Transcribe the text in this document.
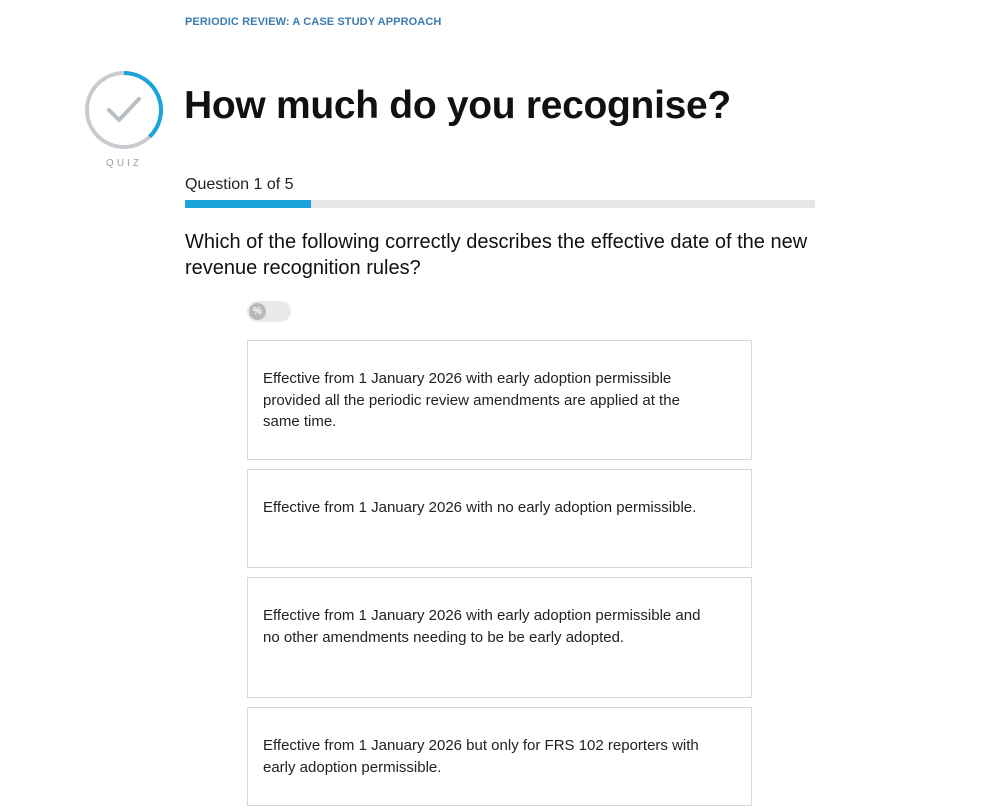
PERIODIC REVIEW: A CASE STUDY APPROACH
QUIZ
How much do you recognise?
Question 1 of 5
Which of the following correctly describes the effective date of the new revenue recognition rules?
%
Effective from 1 January 2026 with early adoption permissible provided all the periodic review amendments are applied at the same time.
Effective from 1 January 2026 with no early adoption permissible.
Effective from 1 January 2026 with early adoption permissible and no other amendments needing to be be early adopted.
Effective from 1 January 2026 but only for FRS 102 reporters with early adoption permissible.
